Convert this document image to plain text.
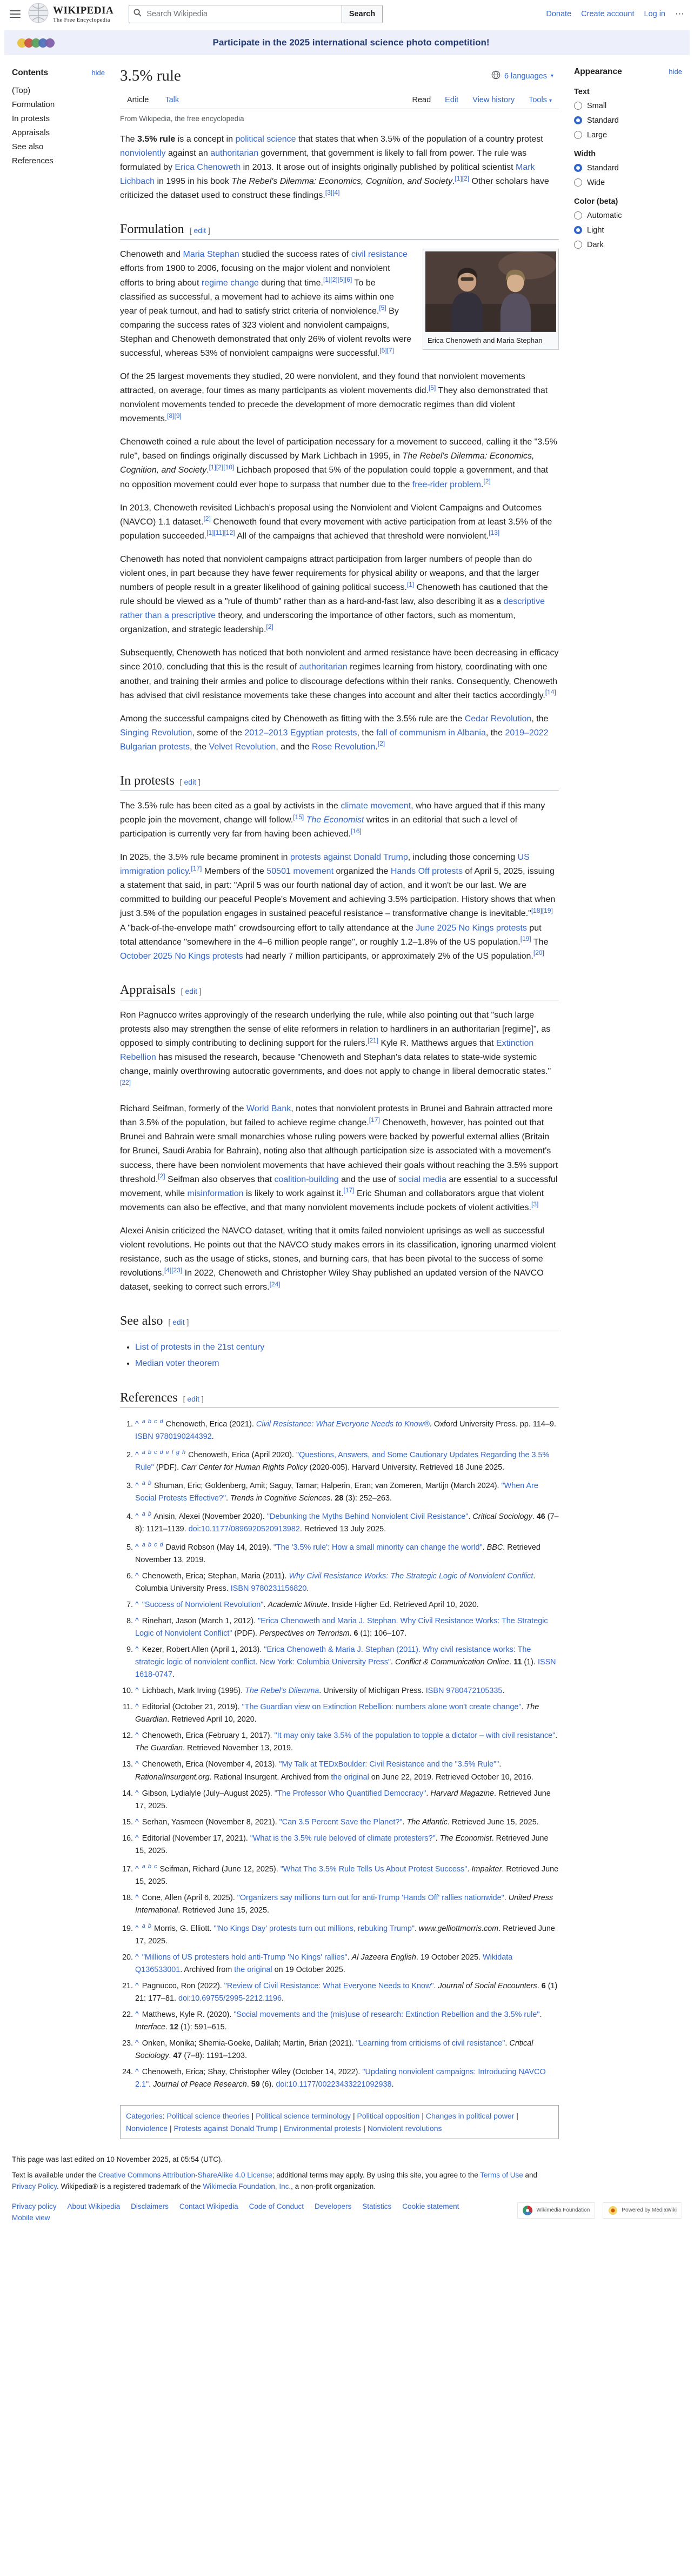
WIKIPEDIA
The Free Encyclopedia
Search Wikipedia
Search	Donate Create account Log in ⋯
Participate in the 2025 international science photo competition!
Contents	hide
(Top)
Formulation
In protests
Appraisals
See also
References
3.5% rule	6 languages ▾
Article Talk	Read	Edit	View history	Tools ▾
From Wikipedia, the free encyclopedia

The 3.5% rule is a concept in political science that states that when 3.5% of the population of a country protest nonviolently against an authoritarian government, that government is likely to fall from power. The rule was formulated by Erica Chenoweth in 2013. It arose out of insights originally published by political scientist Mark Lichbach in 1995 in his book The Rebel's Dilemma: Economics, Cognition, and Society.[1][2] Other scholars have criticized the dataset used to construct these findings.[3][4]

Formulation [ edit ]
Erica Chenoweth and Maria Stephan

Chenoweth and Maria Stephan studied the success rates of civil resistance efforts from 1900 to 2006, focusing on the major violent and nonviolent efforts to bring about regime change during that time.[1][2][5][6] To be classified as successful, a movement had to achieve its aims within one year of peak turnout, and had to satisfy strict criteria of nonviolence.[5] By comparing the success rates of 323 violent and nonviolent campaigns, Stephan and Chenoweth demonstrated that only 26% of violent revolts were successful, whereas 53% of nonviolent campaigns were successful.[5][7]

Of the 25 largest movements they studied, 20 were nonviolent, and they found that nonviolent movements attracted, on average, four times as many participants as violent movements did.[5] They also demonstrated that nonviolent movements tended to precede the development of more democratic regimes than did violent movements.[8][9]

Chenoweth coined a rule about the level of participation necessary for a movement to succeed, calling it the "3.5% rule", based on findings originally discussed by Mark Lichbach in 1995, in The Rebel's Dilemma: Economics, Cognition, and Society.[1][2][10] Lichbach proposed that 5% of the population could topple a government, and that no opposition movement could ever hope to surpass that number due to the free-rider problem.[2]

In 2013, Chenoweth revisited Lichbach's proposal using the Nonviolent and Violent Campaigns and Outcomes (NAVCO) 1.1 dataset.[2] Chenoweth found that every movement with active participation from at least 3.5% of the population succeeded.[1][11][12] All of the campaigns that achieved that threshold were nonviolent.[13]

Chenoweth has noted that nonviolent campaigns attract participation from larger numbers of people than do violent ones, in part because they have fewer requirements for physical ability or weapons, and that the larger numbers of people result in a greater likelihood of gaining political success.[1] Chenoweth has cautioned that the rule should be viewed as a "rule of thumb" rather than as a hard-and-fast law, also describing it as a descriptive rather than a prescriptive theory, and underscoring the importance of other factors, such as momentum, organization, and strategic leadership.[2]

Subsequently, Chenoweth has noticed that both nonviolent and armed resistance have been decreasing in efficacy since 2010, concluding that this is the result of authoritarian regimes learning from history, coordinating with one another, and training their armies and police to discourage defections within their ranks. Consequently, Chenoweth has advised that civil resistance movements take these changes into account and alter their tactics accordingly.[14]

Among the successful campaigns cited by Chenoweth as fitting with the 3.5% rule are the Cedar Revolution, the Singing Revolution, some of the 2012–2013 Egyptian protests, the fall of communism in Albania, the 2019–2022 Bulgarian protests, the Velvet Revolution, and the Rose Revolution.[2]

In protests [ edit ]

The 3.5% rule has been cited as a goal by activists in the climate movement, who have argued that if this many people join the movement, change will follow.[15] The Economist writes in an editorial that such a level of participation is currently very far from having been achieved.[16]

In 2025, the 3.5% rule became prominent in protests against Donald Trump, including those concerning US immigration policy.[17] Members of the 50501 movement organized the Hands Off protests of April 5, 2025, issuing a statement that said, in part: "April 5 was our fourth national day of action, and it won't be our last. We are committed to building our peaceful People's Movement and achieving 3.5% participation. History shows that when just 3.5% of the population engages in sustained peaceful resistance – transformative change is inevitable."[18][19] A "back-of-the-envelope math" crowdsourcing effort to tally attendance at the June 2025 No Kings protests put total attendance "somewhere in the 4–6 million people range", or roughly 1.2–1.8% of the US population.[19] The October 2025 No Kings protests had nearly 7 million participants, or approximately 2% of the US population.[20]

Appraisals [ edit ]

Ron Pagnucco writes approvingly of the research underlying the rule, while also pointing out that "such large protests also may strengthen the sense of elite reformers in relation to hardliners in an authoritarian [regime]", as opposed to simply contributing to declining support for the rulers.[21] Kyle R. Matthews argues that Extinction Rebellion has misused the research, because "Chenoweth and Stephan's data relates to state-wide systemic change, mainly overthrowing autocratic governments, and does not apply to change in liberal democratic states."[22]

Richard Seifman, formerly of the World Bank, notes that nonviolent protests in Brunei and Bahrain attracted more than 3.5% of the population, but failed to achieve regime change.[17] Chenoweth, however, has pointed out that Brunei and Bahrain were small monarchies whose ruling powers were backed by powerful external allies (Britain for Brunei, Saudi Arabia for Bahrain), noting also that although participation size is associated with a movement's success, there have been nonviolent movements that have achieved their goals without reaching the 3.5% support threshold.[2] Seifman also observes that coalition-building and the use of social media are essential to a successful movement, while misinformation is likely to work against it.[17] Eric Shuman and collaborators argue that violent movements can also be effective, and that many nonviolent movements include pockets of violent activities.[3]

Alexei Anisin criticized the NAVCO dataset, writing that it omits failed nonviolent uprisings as well as successful violent revolutions. He points out that the NAVCO study makes errors in its classification, ignoring unarmed violent resistance, such as the usage of sticks, stones, and burning cars, that has been pivotal to the success of some revolutions.[4][23] In 2022, Chenoweth and Christopher Wiley Shay published an updated version of the NAVCO dataset, seeking to correct such errors.[24]

See also [ edit ]
• List of protests in the 21st century
• Median voter theorem
References [ edit ]
1. ^ $^a$ $^b$ $^c$ $^d$ Chenoweth, Erica (2021). Civil Resistance: What Everyone Needs to Know®. Oxford University Press. pp. 114–9. ISBN 9780190244392.
2. ^ $^a$ $^b$ $^c$ $^d$ $^e$ $^f$ $^g$ $^h$ Chenoweth, Erica (April 2020). "Questions, Answers, and Some Cautionary Updates Regarding the 3.5% Rule" (PDF). Carr Center for Human Rights Policy (2020-005). Harvard University. Retrieved 18 June 2025.
3. ^ $^a$ $^b$ Shuman, Eric; Goldenberg, Amit; Saguy, Tamar; Halperin, Eran; van Zomeren, Martijn (March 2024). "When Are Social Protests Effective?". Trends in Cognitive Sciences. 28 (3): 252–263.
4. ^ $^a$ $^b$ Anisin, Alexei (November 2020). "Debunking the Myths Behind Nonviolent Civil Resistance". Critical Sociology. 46 (7–8): 1121–1139. doi:10.1177/0896920520913982. Retrieved 13 July 2025.
5. ^ $^a$ $^b$ $^c$ $^d$ David Robson (May 14, 2019). "The '3.5% rule': How a small minority can change the world". BBC. Retrieved November 13, 2019.
6. ^ Chenoweth, Erica; Stephan, Maria (2011). Why Civil Resistance Works: The Strategic Logic of Nonviolent Conflict. Columbia University Press. ISBN 9780231156820.
7. ^ "Success of Nonviolent Revolution". Academic Minute. Inside Higher Ed. Retrieved April 10, 2020.
8. ^ Rinehart, Jason (March 1, 2012). "Erica Chenoweth and Maria J. Stephan. Why Civil Resistance Works: The Strategic Logic of Nonviolent Conflict" (PDF). Perspectives on Terrorism. 6 (1): 106–107.
9. ^ Kezer, Robert Allen (April 1, 2013). "Erica Chenoweth & Maria J. Stephan (2011). Why civil resistance works: The strategic logic of nonviolent conflict. New York: Columbia University Press". Conflict & Communication Online. 11 (1). ISSN 1618-0747.
10. ^ Lichbach, Mark Irving (1995). The Rebel's Dilemma. University of Michigan Press. ISBN 9780472105335.
11. ^ Editorial (October 21, 2019). "The Guardian view on Extinction Rebellion: numbers alone won't create change". The Guardian. Retrieved April 10, 2020.
12. ^ Chenoweth, Erica (February 1, 2017). "It may only take 3.5% of the population to topple a dictator – with civil resistance". The Guardian. Retrieved November 13, 2019.
13. ^ Chenoweth, Erica (November 4, 2013). "My Talk at TEDxBoulder: Civil Resistance and the "3.5% Rule"". RationalInsurgent.org. Rational Insurgent. Archived from the original on June 22, 2019. Retrieved October 10, 2016.
14. ^ Gibson, Lydialyle (July–August 2025). "The Professor Who Quantified Democracy". Harvard Magazine. Retrieved June 17, 2025.
15. ^ Serhan, Yasmeen (November 8, 2021). "Can 3.5 Percent Save the Planet?". The Atlantic. Retrieved June 15, 2025.
16. ^ Editorial (November 17, 2021). "What is the 3.5% rule beloved of climate protesters?". The Economist. Retrieved June 15, 2025.
17. ^ $^a$ $^b$ $^c$ Seifman, Richard (June 12, 2025). "What The 3.5% Rule Tells Us About Protest Success". Impakter. Retrieved June 15, 2025.
18. ^ Cone, Allen (April 6, 2025). "Organizers say millions turn out for anti-Trump 'Hands Off' rallies nationwide". United Press International. Retrieved June 15, 2025.
19. ^ $^a$ $^b$ Morris, G. Elliott. "'No Kings Day' protests turn out millions, rebuking Trump". www.gelliottmorris.com. Retrieved June 17, 2025.
20. ^ "Millions of US protesters hold anti-Trump 'No Kings' rallies". Al Jazeera English. 19 October 2025. Wikidata Q136533001. Archived from the original on 19 October 2025.
21. ^ Pagnucco, Ron (2022). "Review of Civil Resistance: What Everyone Needs to Know". Journal of Social Encounters. 6 (1) 21: 177–81. doi:10.69755/2995-2212.1196.
22. ^ Matthews, Kyle R. (2020). "Social movements and the (mis)use of research: Extinction Rebellion and the 3.5% rule". Interface. 12 (1): 591–615.
23. ^ Onken, Monika; Shemia-Goeke, Dalilah; Martin, Brian (2021). "Learning from criticisms of civil resistance". Critical Sociology. 47 (7–8): 1191–1203.
24. ^ Chenoweth, Erica; Shay, Christopher Wiley (October 14, 2022). "Updating nonviolent campaigns: Introducing NAVCO 2.1". Journal of Peace Research. 59 (6). doi:10.1177/00223433221092938.
Categories: Political science theories | Political science terminology | Political opposition | Changes in political power | Nonviolence | Protests against Donald Trump | Environmental protests | Nonviolent revolutions
Appearance	hide
Text
Small
Standard
Large
Width
Standard
Wide
Color (beta)
Automatic
Light
Dark
This page was last edited on 10 November 2025, at 05:54 (UTC).
Text is available under the Creative Commons Attribution-ShareAlike 4.0 License; additional terms may apply. By using this site, you agree to the Terms of Use and Privacy Policy. Wikipedia® is a registered trademark of the Wikimedia Foundation, Inc., a non-profit organization.
Privacy policy About Wikipedia Disclaimers Contact Wikipedia Code of Conduct Developers Statistics Cookie statement
Mobile view
Wikimedia Foundation	Powered by MediaWiki
